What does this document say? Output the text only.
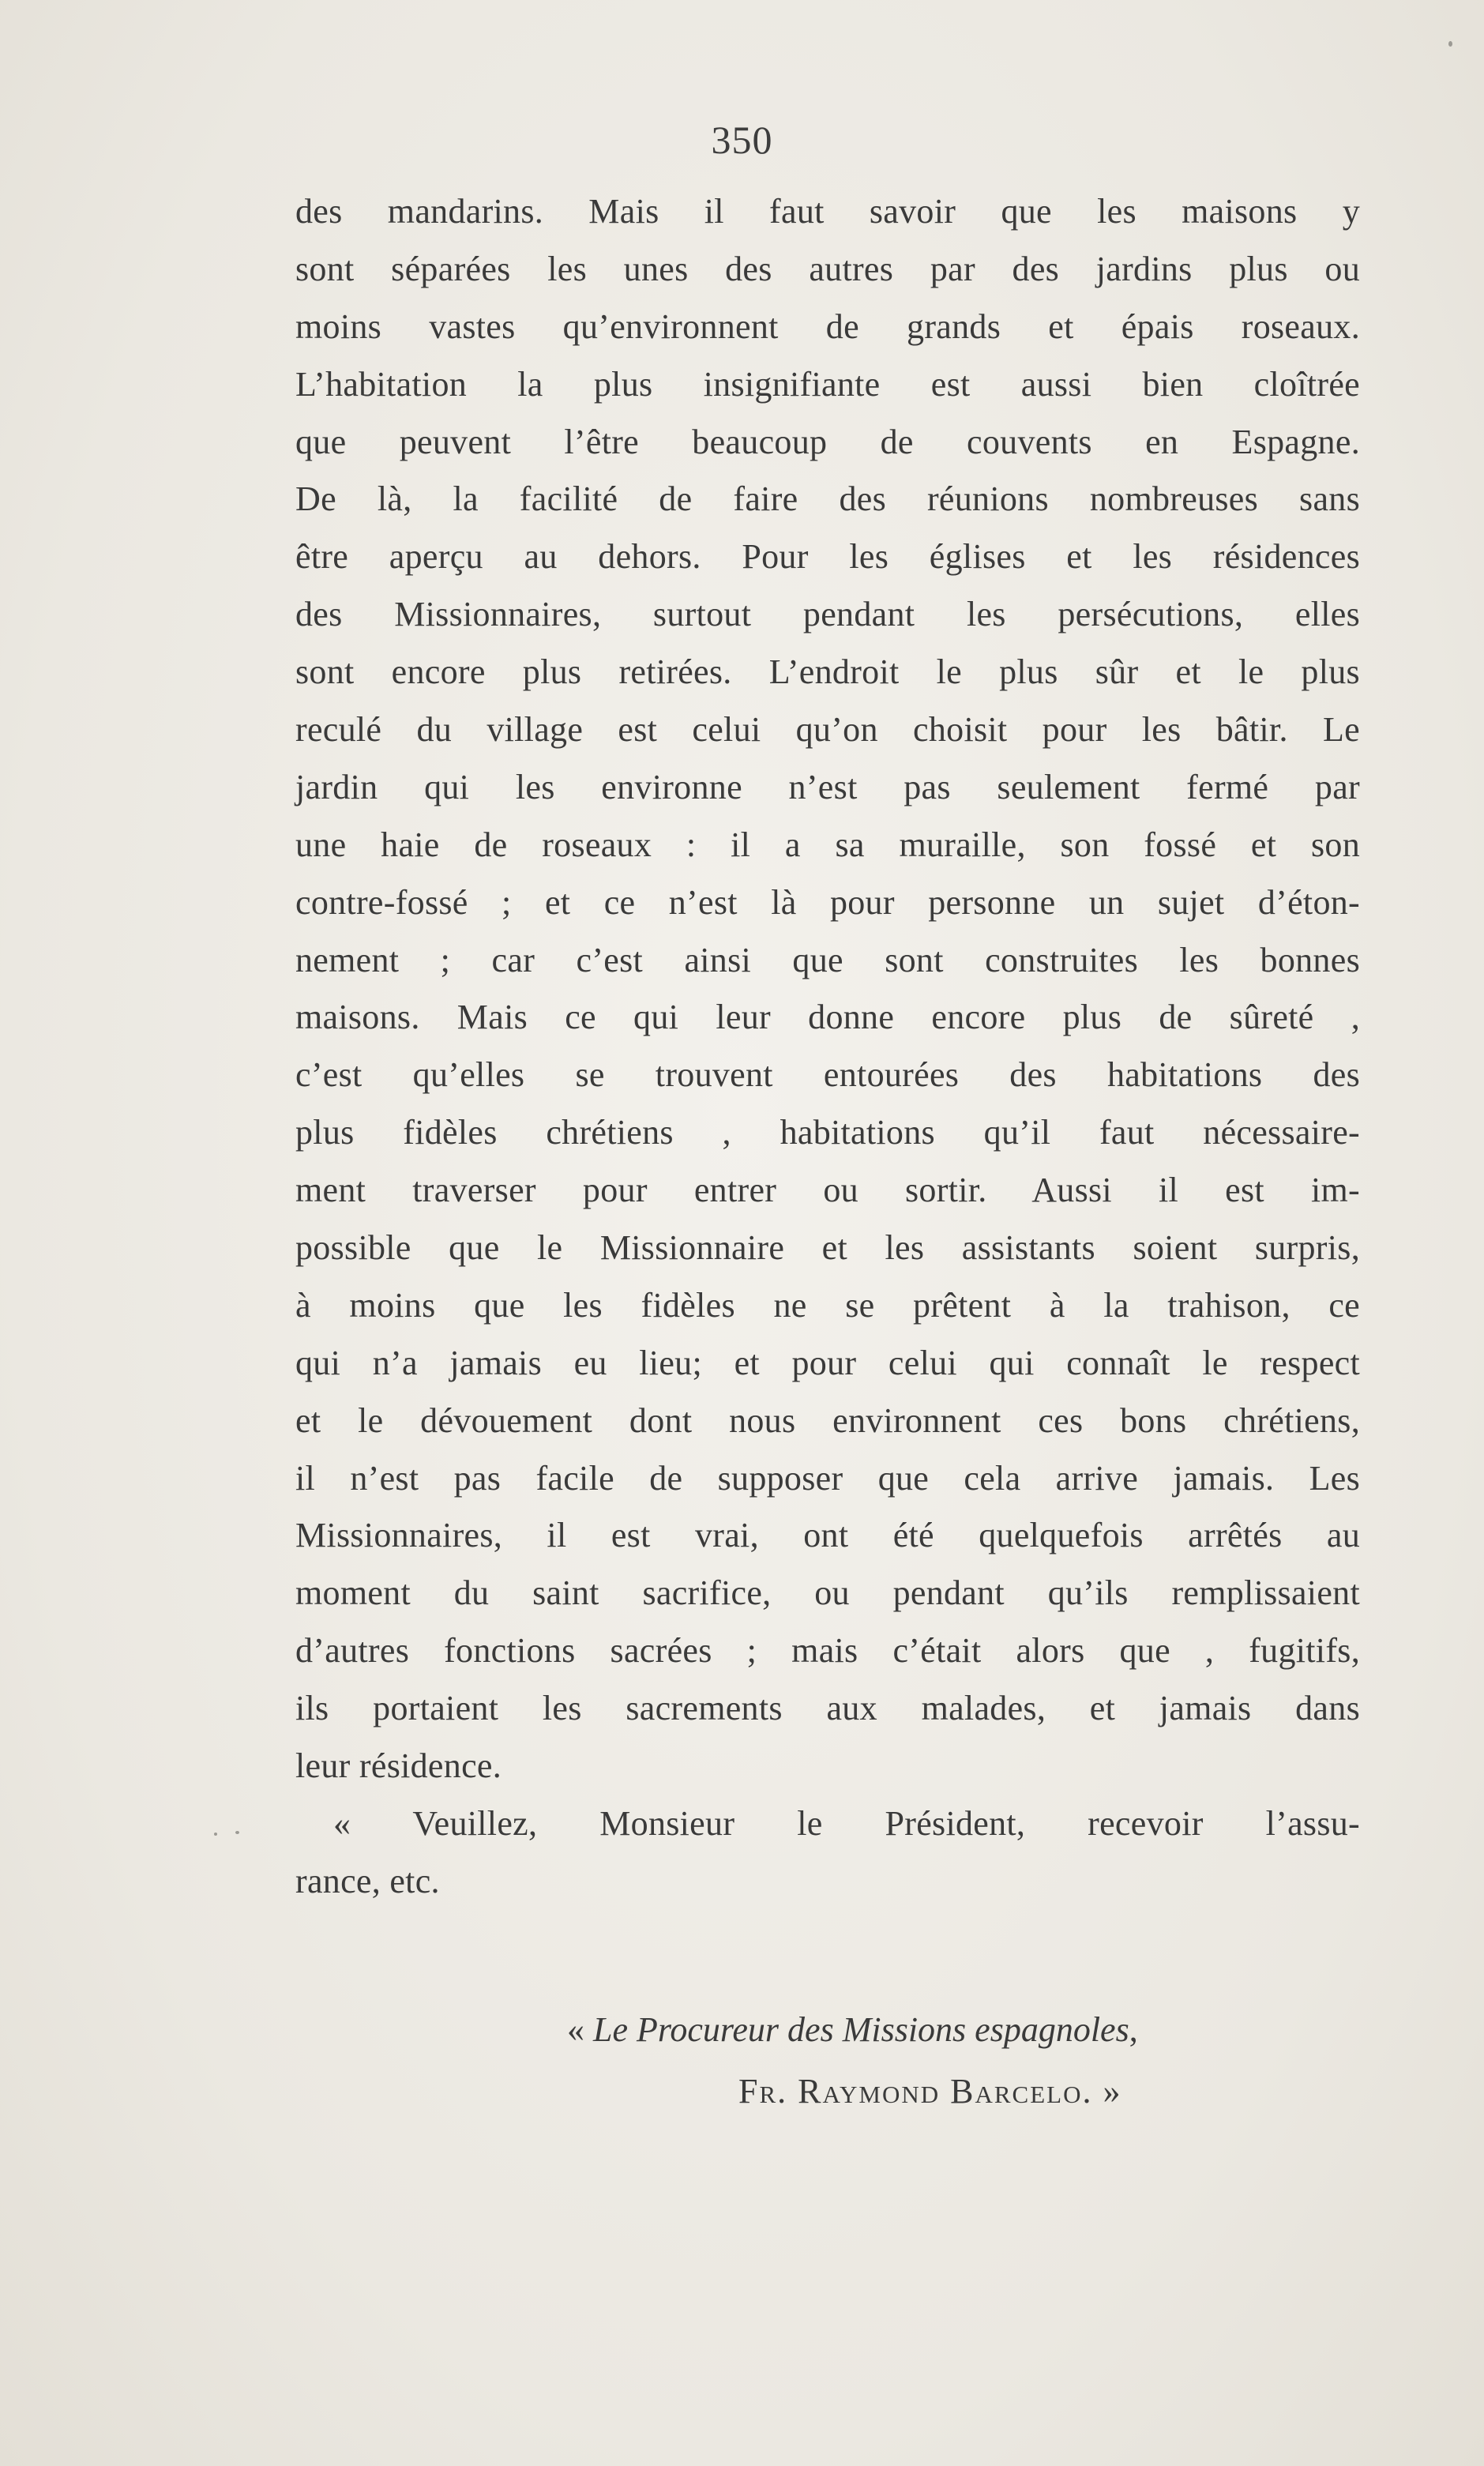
350
des mandarins. Mais il faut savoir que les maisons y
sont séparées les unes des autres par des jardins plus ou
moins vastes qu’environnent de grands et épais roseaux.
L’habitation la plus insignifiante est aussi bien cloîtrée
que peuvent l’être beaucoup de couvents en Espagne.
De là, la facilité de faire des réunions nombreuses sans
être aperçu au dehors. Pour les églises et les résidences
des Missionnaires, surtout pendant les persécutions, elles
sont encore plus retirées. L’endroit le plus sûr et le plus
reculé du village est celui qu’on choisit pour les bâtir. Le
jardin qui les environne n’est pas seulement fermé par
une haie de roseaux : il a sa muraille, son fossé et son
contre-fossé ; et ce n’est là pour personne un sujet d’éton-
nement ; car c’est ainsi que sont construites les bonnes
maisons. Mais ce qui leur donne encore plus de sûreté ,
c’est qu’elles se trouvent entourées des habitations des
plus fidèles chrétiens , habitations qu’il faut nécessaire-
ment traverser pour entrer ou sortir. Aussi il est im-
possible que le Missionnaire et les assistants soient surpris,
à moins que les fidèles ne se prêtent à la trahison, ce
qui n’a jamais eu lieu; et pour celui qui connaît le respect
et le dévouement dont nous environnent ces bons chrétiens,
il n’est pas facile de supposer que cela arrive jamais. Les
Missionnaires, il est vrai, ont été quelquefois arrêtés au
moment du saint sacrifice, ou pendant qu’ils remplissaient
d’autres fonctions sacrées ; mais c’était alors que , fugitifs,
ils portaient les sacrements aux malades, et jamais dans
leur résidence.
« Veuillez, Monsieur le Président, recevoir l’assu-
rance, etc.
« Le Procureur des Missions espagnoles,
Fr. Raymond Barcelo. »
